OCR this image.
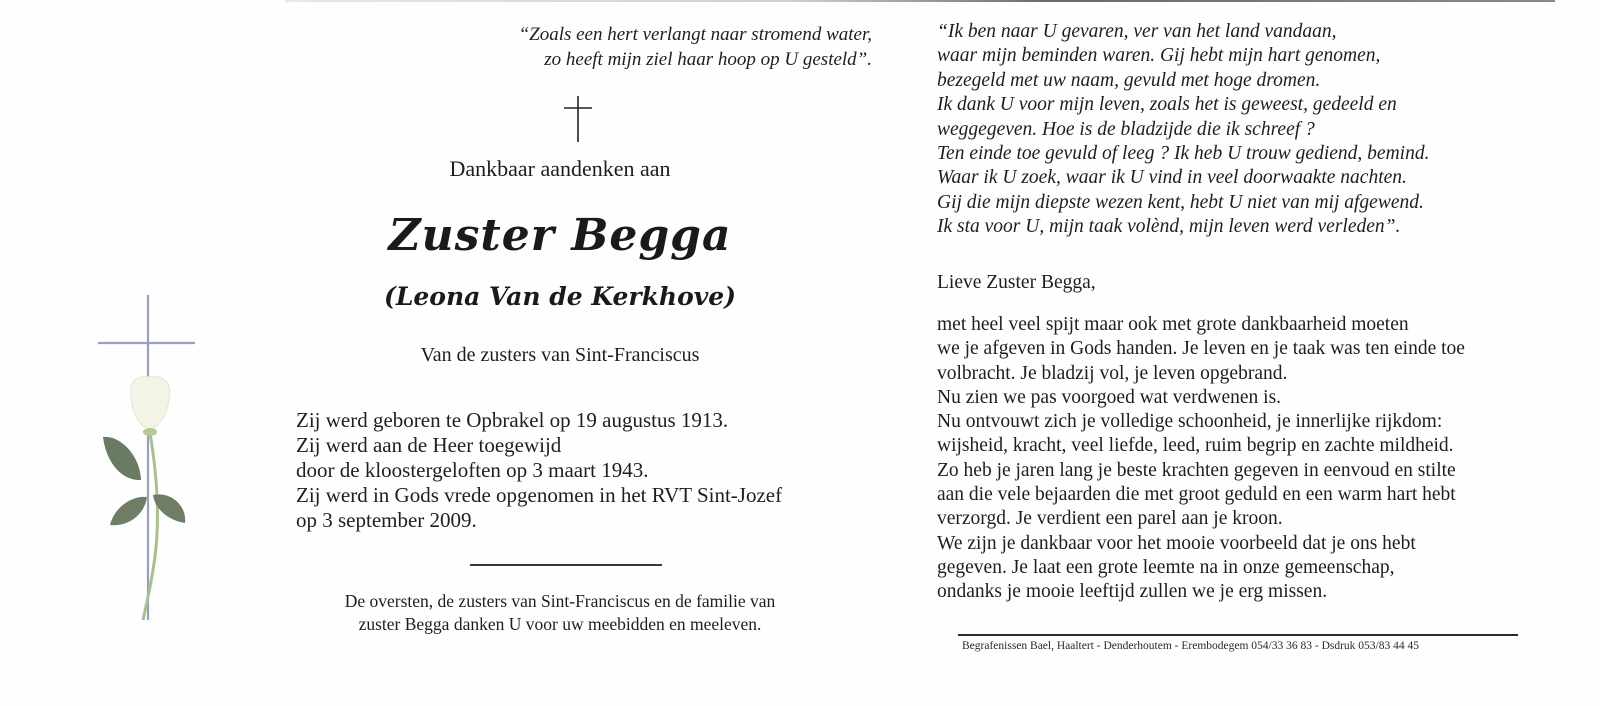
“Zoals een hert verlangt naar stromend water,
zo heeft mijn ziel haar hoop op U gesteld”.
Dankbaar aandenken aan
Zuster Begga
(Leona Van de Kerkhove)
Van de zusters van Sint-Franciscus
Zij werd geboren te Opbrakel op 19 augustus 1913.
Zij werd aan de Heer toegewijd
door de kloostergeloften op 3 maart 1943.
Zij werd in Gods vrede opgenomen in het RVT Sint-Jozef
op 3 september 2009.
De oversten, de zusters van Sint-Franciscus en de familie van
zuster Begga danken U voor uw meebidden en meeleven.
“Ik ben naar U gevaren, ver van het land vandaan,
waar mijn beminden waren. Gij hebt mijn hart genomen,
bezegeld met uw naam, gevuld met hoge dromen.
Ik dank U voor mijn leven, zoals het is geweest, gedeeld en
weggegeven. Hoe is de bladzijde die ik schreef ?
Ten einde toe gevuld of leeg ? Ik heb U trouw gediend, bemind.
Waar ik U zoek, waar ik U vind in veel doorwaakte nachten.
Gij die mijn diepste wezen kent, hebt U niet van mij afgewend.
Ik sta voor U, mijn taak volènd, mijn leven werd verleden”.
Lieve Zuster Begga,
met heel veel spijt maar ook met grote dankbaarheid moeten
we je afgeven in Gods handen. Je leven en je taak was ten einde toe
volbracht. Je bladzij vol, je leven opgebrand.
Nu zien we pas voorgoed wat verdwenen is.
Nu ontvouwt zich je volledige schoonheid, je innerlijke rijkdom:
wijsheid, kracht, veel liefde, leed, ruim begrip en zachte mildheid.
Zo heb je jaren lang je beste krachten gegeven in eenvoud en stilte
aan die vele bejaarden die met groot geduld en een warm hart hebt
verzorgd. Je verdient een parel aan je kroon.
We zijn je dankbaar voor het mooie voorbeeld dat je ons hebt
gegeven. Je laat een grote leemte na in onze gemeenschap,
ondanks je mooie leeftijd zullen we je erg missen.
Begrafenissen Bael, Haaltert - Denderhoutem - Erembodegem 054/33 36 83 - Dsdruk 053/83 44 45
